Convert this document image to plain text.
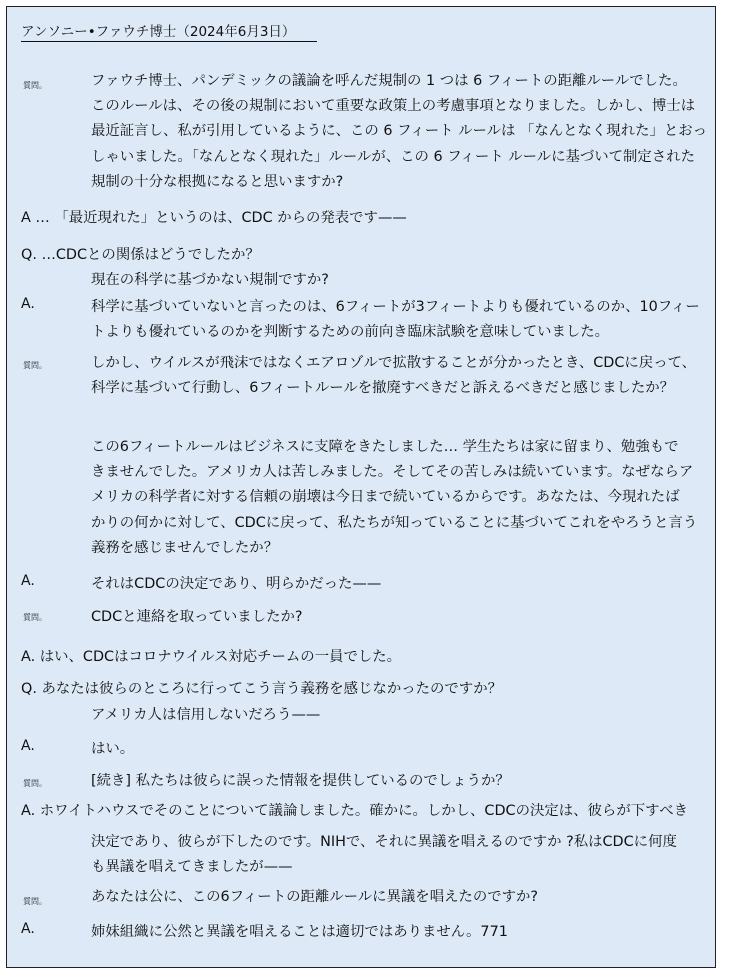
アンソニー•ファウチ博士（2024年6月3日）
質問。	ファウチ博士、パンデミックの議論を呼んだ規制の 1 つは 6 フィートの距離ルールでした。
このルールは、その後の規制において重要な政策上の考慮事項となりました。しかし、博士は
最近証言し、私が引用しているように、この 6 フィート ルールは 「なんとなく現れた」とおっ
しゃいました。「なんとなく現れた」ルールが、この 6 フィート ルールに基づいて制定された
規制の十分な根拠になると思いますか?
A … 「最近現れた」というのは、CDC からの発表です——
Q. …CDCとの関係はどうでしたか？
現在の科学に基づかない規制ですか?
A.	科学に基づいていないと言ったのは、6フィートが3フィートよりも優れているのか、10フィー
トよりも優れているのかを判断するための前向き臨床試験を意味していました。
質問。	しかし、ウイルスが飛沫ではなくエアロゾルで拡散することが分かったとき、CDCに戻って、
科学に基づいて行動し、6フィートルールを撤廃すべきだと訴えるべきだと感じましたか？
この6フィートルールはビジネスに支障をきたしました… 学生たちは家に留まり、勉強もで
きませんでした。アメリカ人は苦しみました。そしてその苦しみは続いています。なぜならア
メリカの科学者に対する信頼の崩壊は今日まで続いているからです。あなたは、今現れたば
かりの何かに対して、CDCに戻って、私たちが知っていることに基づいてこれをやろうと言う
義務を感じませんでしたか？
A.	それはCDCの決定であり、明らかだった——
質問。	CDCと連絡を取っていましたか?
A. はい、CDCはコロナウイルス対応チームの一員でした。
Q. あなたは彼らのところに行ってこう言う義務を感じなかったのですか？
アメリカ人は信用しないだろう——
A.	はい。
質問。	[続き] 私たちは彼らに誤った情報を提供しているのでしょうか？
A. ホワイトハウスでそのことについて議論しました。確かに。しかし、CDCの決定は、彼らが下すべき
決定であり、彼らが下したのです。NIHで、それに異議を唱えるのですか ?私はCDCに何度
も異議を唱えてきましたが——
質問。	あなたは公に、この6フィートの距離ルールに異議を唱えたのですか?
A.	姉妹組織に公然と異議を唱えることは適切ではありません。771
